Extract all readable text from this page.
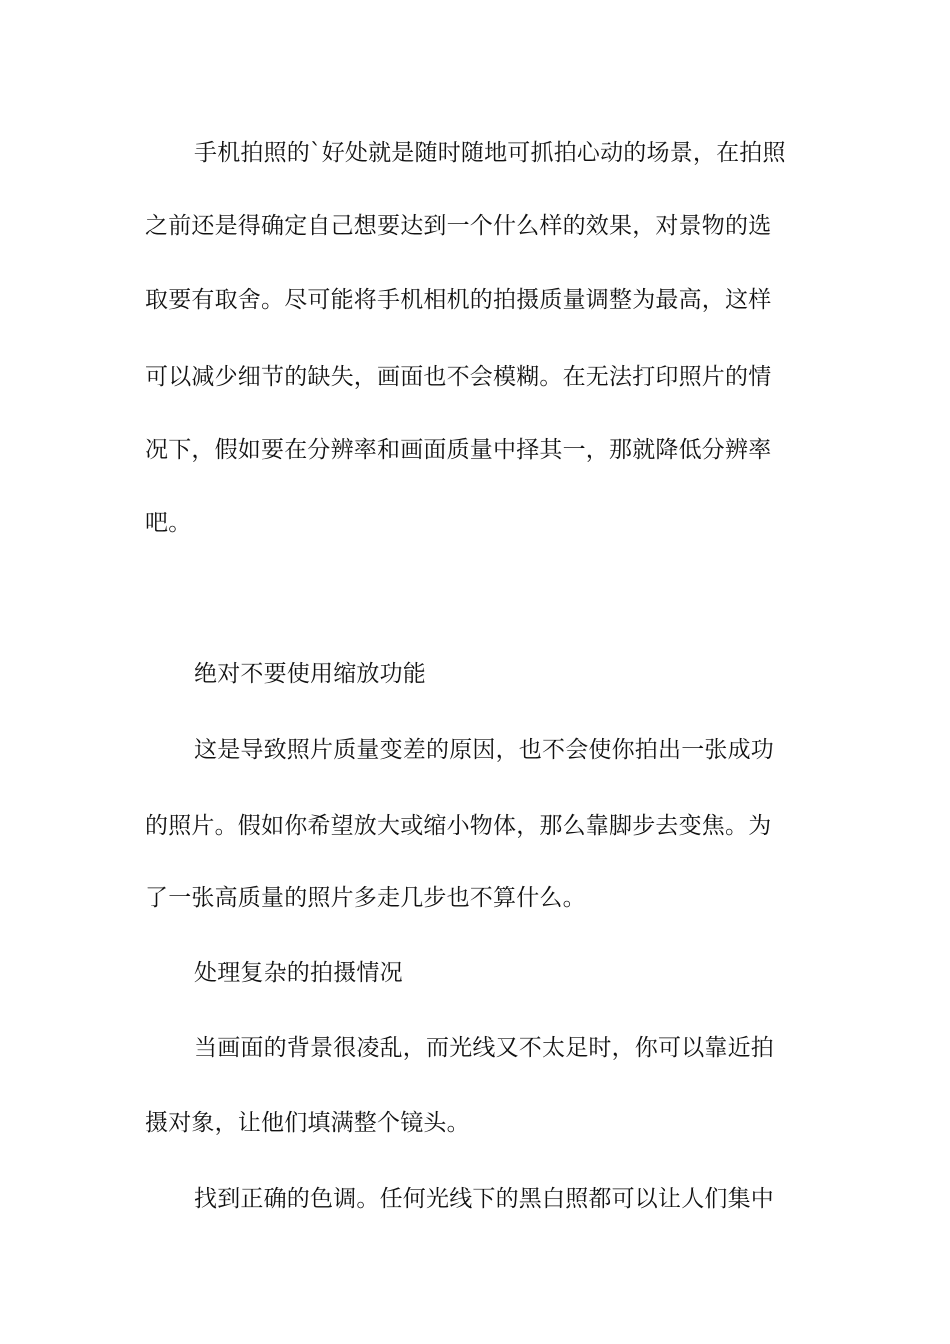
手机拍照的`好处就是随时随地可抓拍心动的场景，在拍照
之前还是得确定自己想要达到一个什么样的效果，对景物的选
取要有取舍。尽可能将手机相机的拍摄质量调整为最高，这样
可以减少细节的缺失，画面也不会模糊。在无法打印照片的情
况下，假如要在分辨率和画面质量中择其一，那就降低分辨率
吧。
绝对不要使用缩放功能
这是导致照片质量变差的原因，也不会使你拍出一张成功
的照片。假如你希望放大或缩小物体，那么靠脚步去变焦。为
了一张高质量的照片多走几步也不算什么。
处理复杂的拍摄情况
当画面的背景很凌乱，而光线又不太足时，你可以靠近拍
摄对象，让他们填满整个镜头。
找到正确的色调。任何光线下的黑白照都可以让人们集中
